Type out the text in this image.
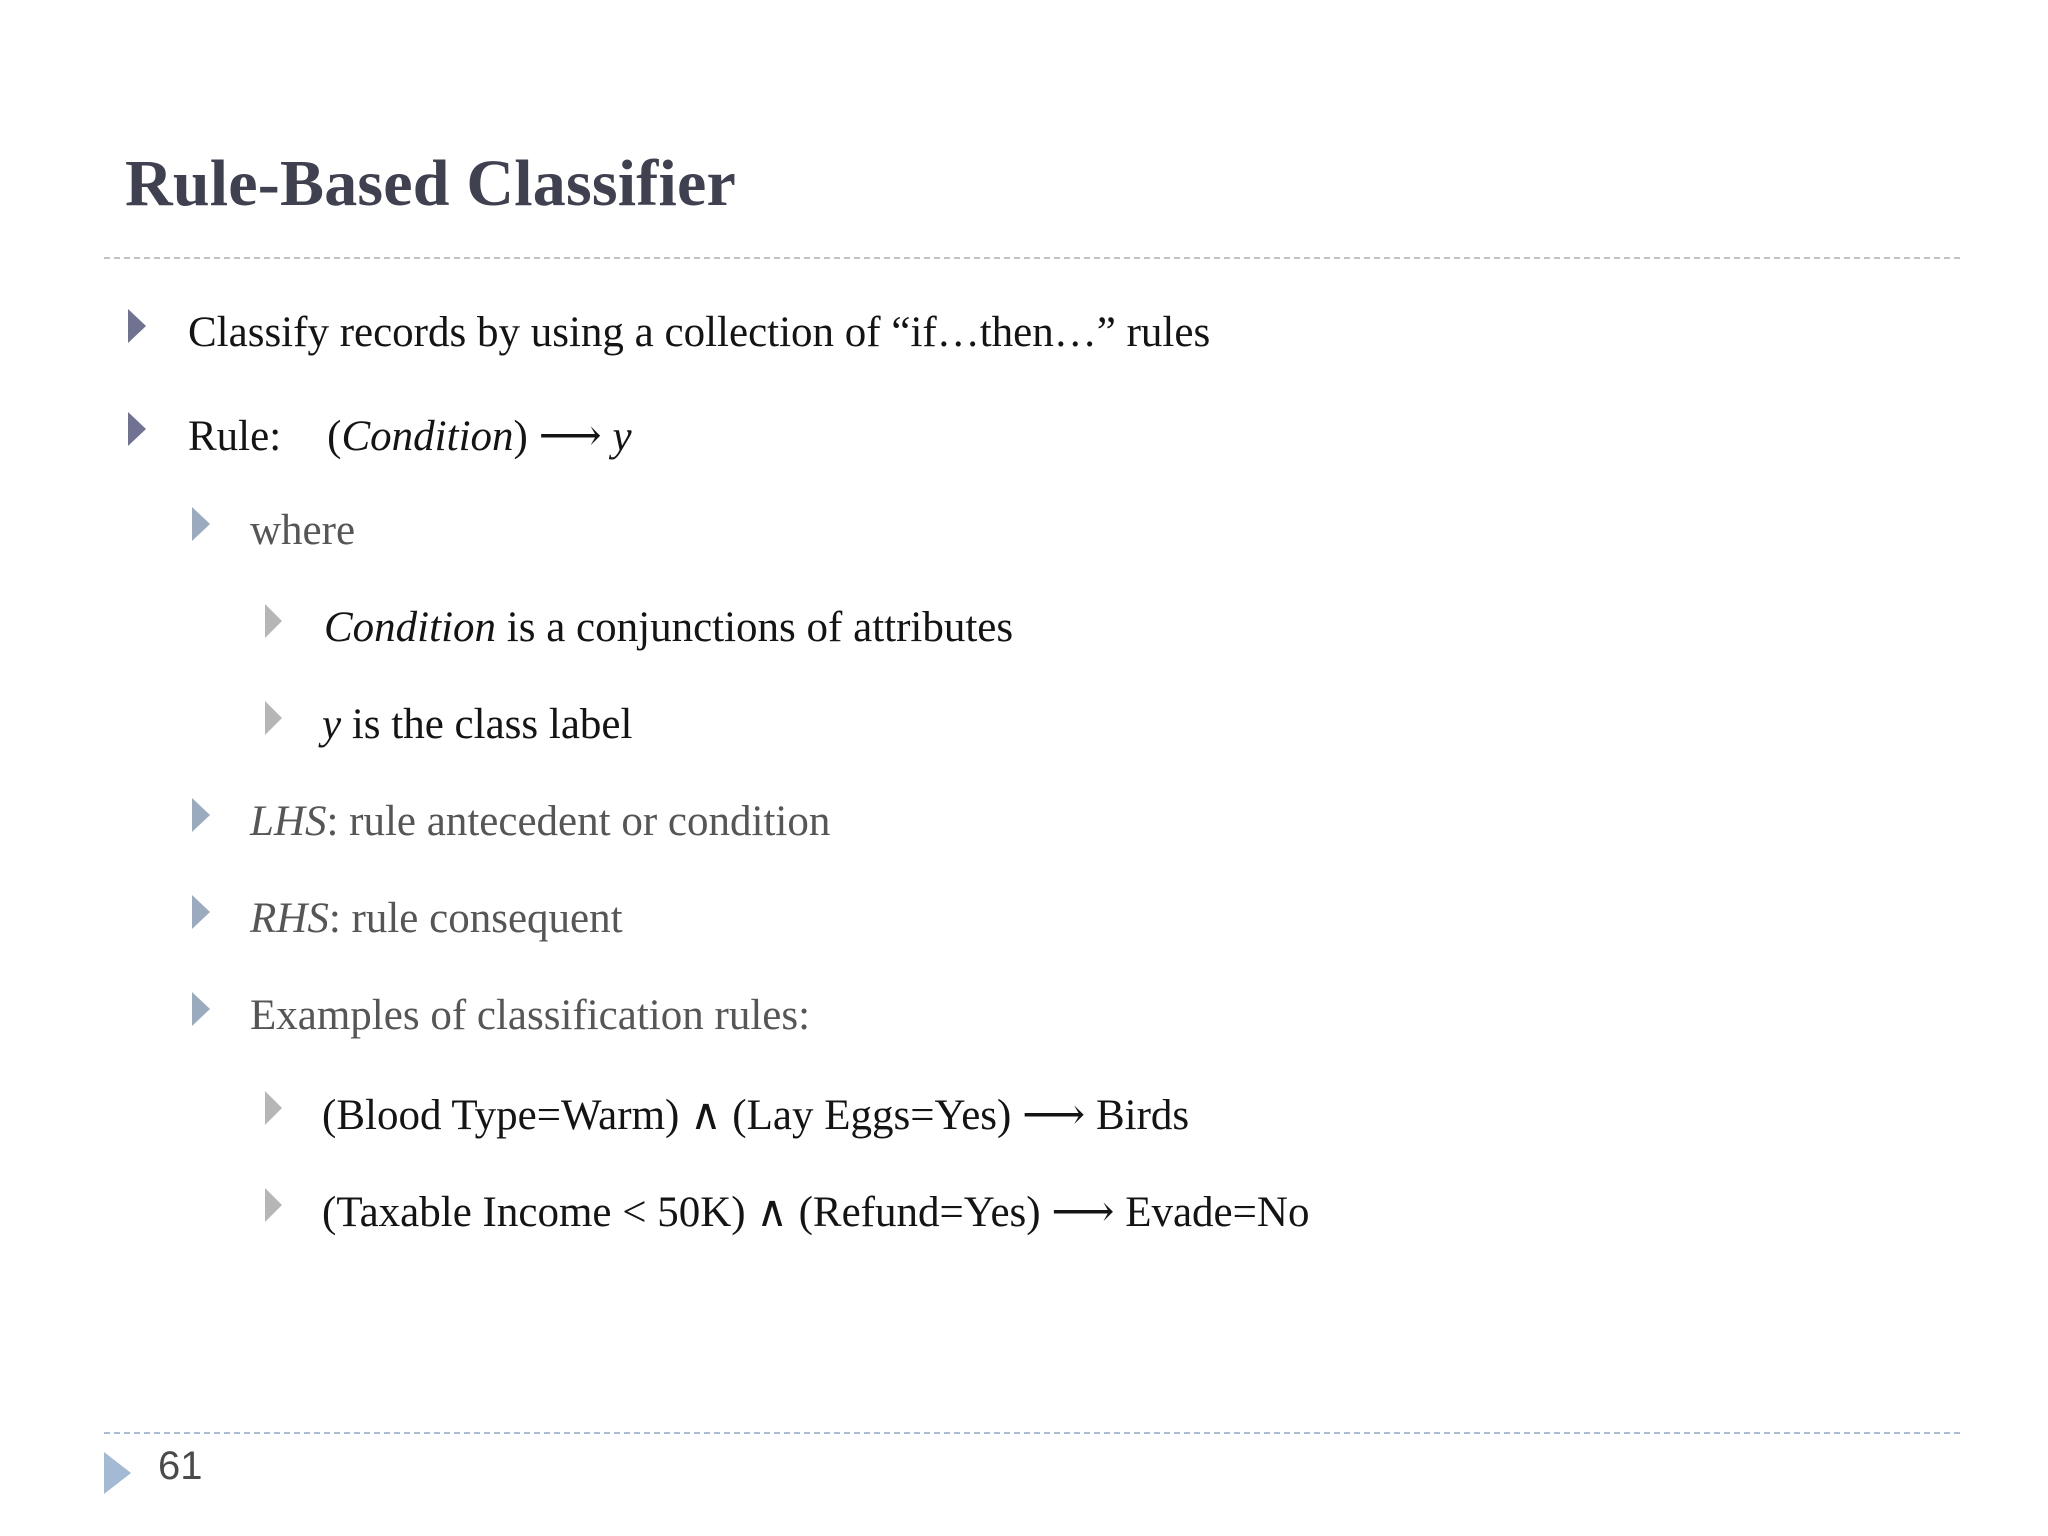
Rule-Based Classifier
Classify records by using a collection of “if…then…” rules
Rule: (Condition) ⟶ y
where
Condition is a conjunctions of attributes
y is the class label
LHS: rule antecedent or condition
RHS: rule consequent
Examples of classification rules:
(Blood Type=Warm) ∧ (Lay Eggs=Yes) ⟶ Birds
(Taxable Income < 50K) ∧ (Refund=Yes) ⟶ Evade=No
61
